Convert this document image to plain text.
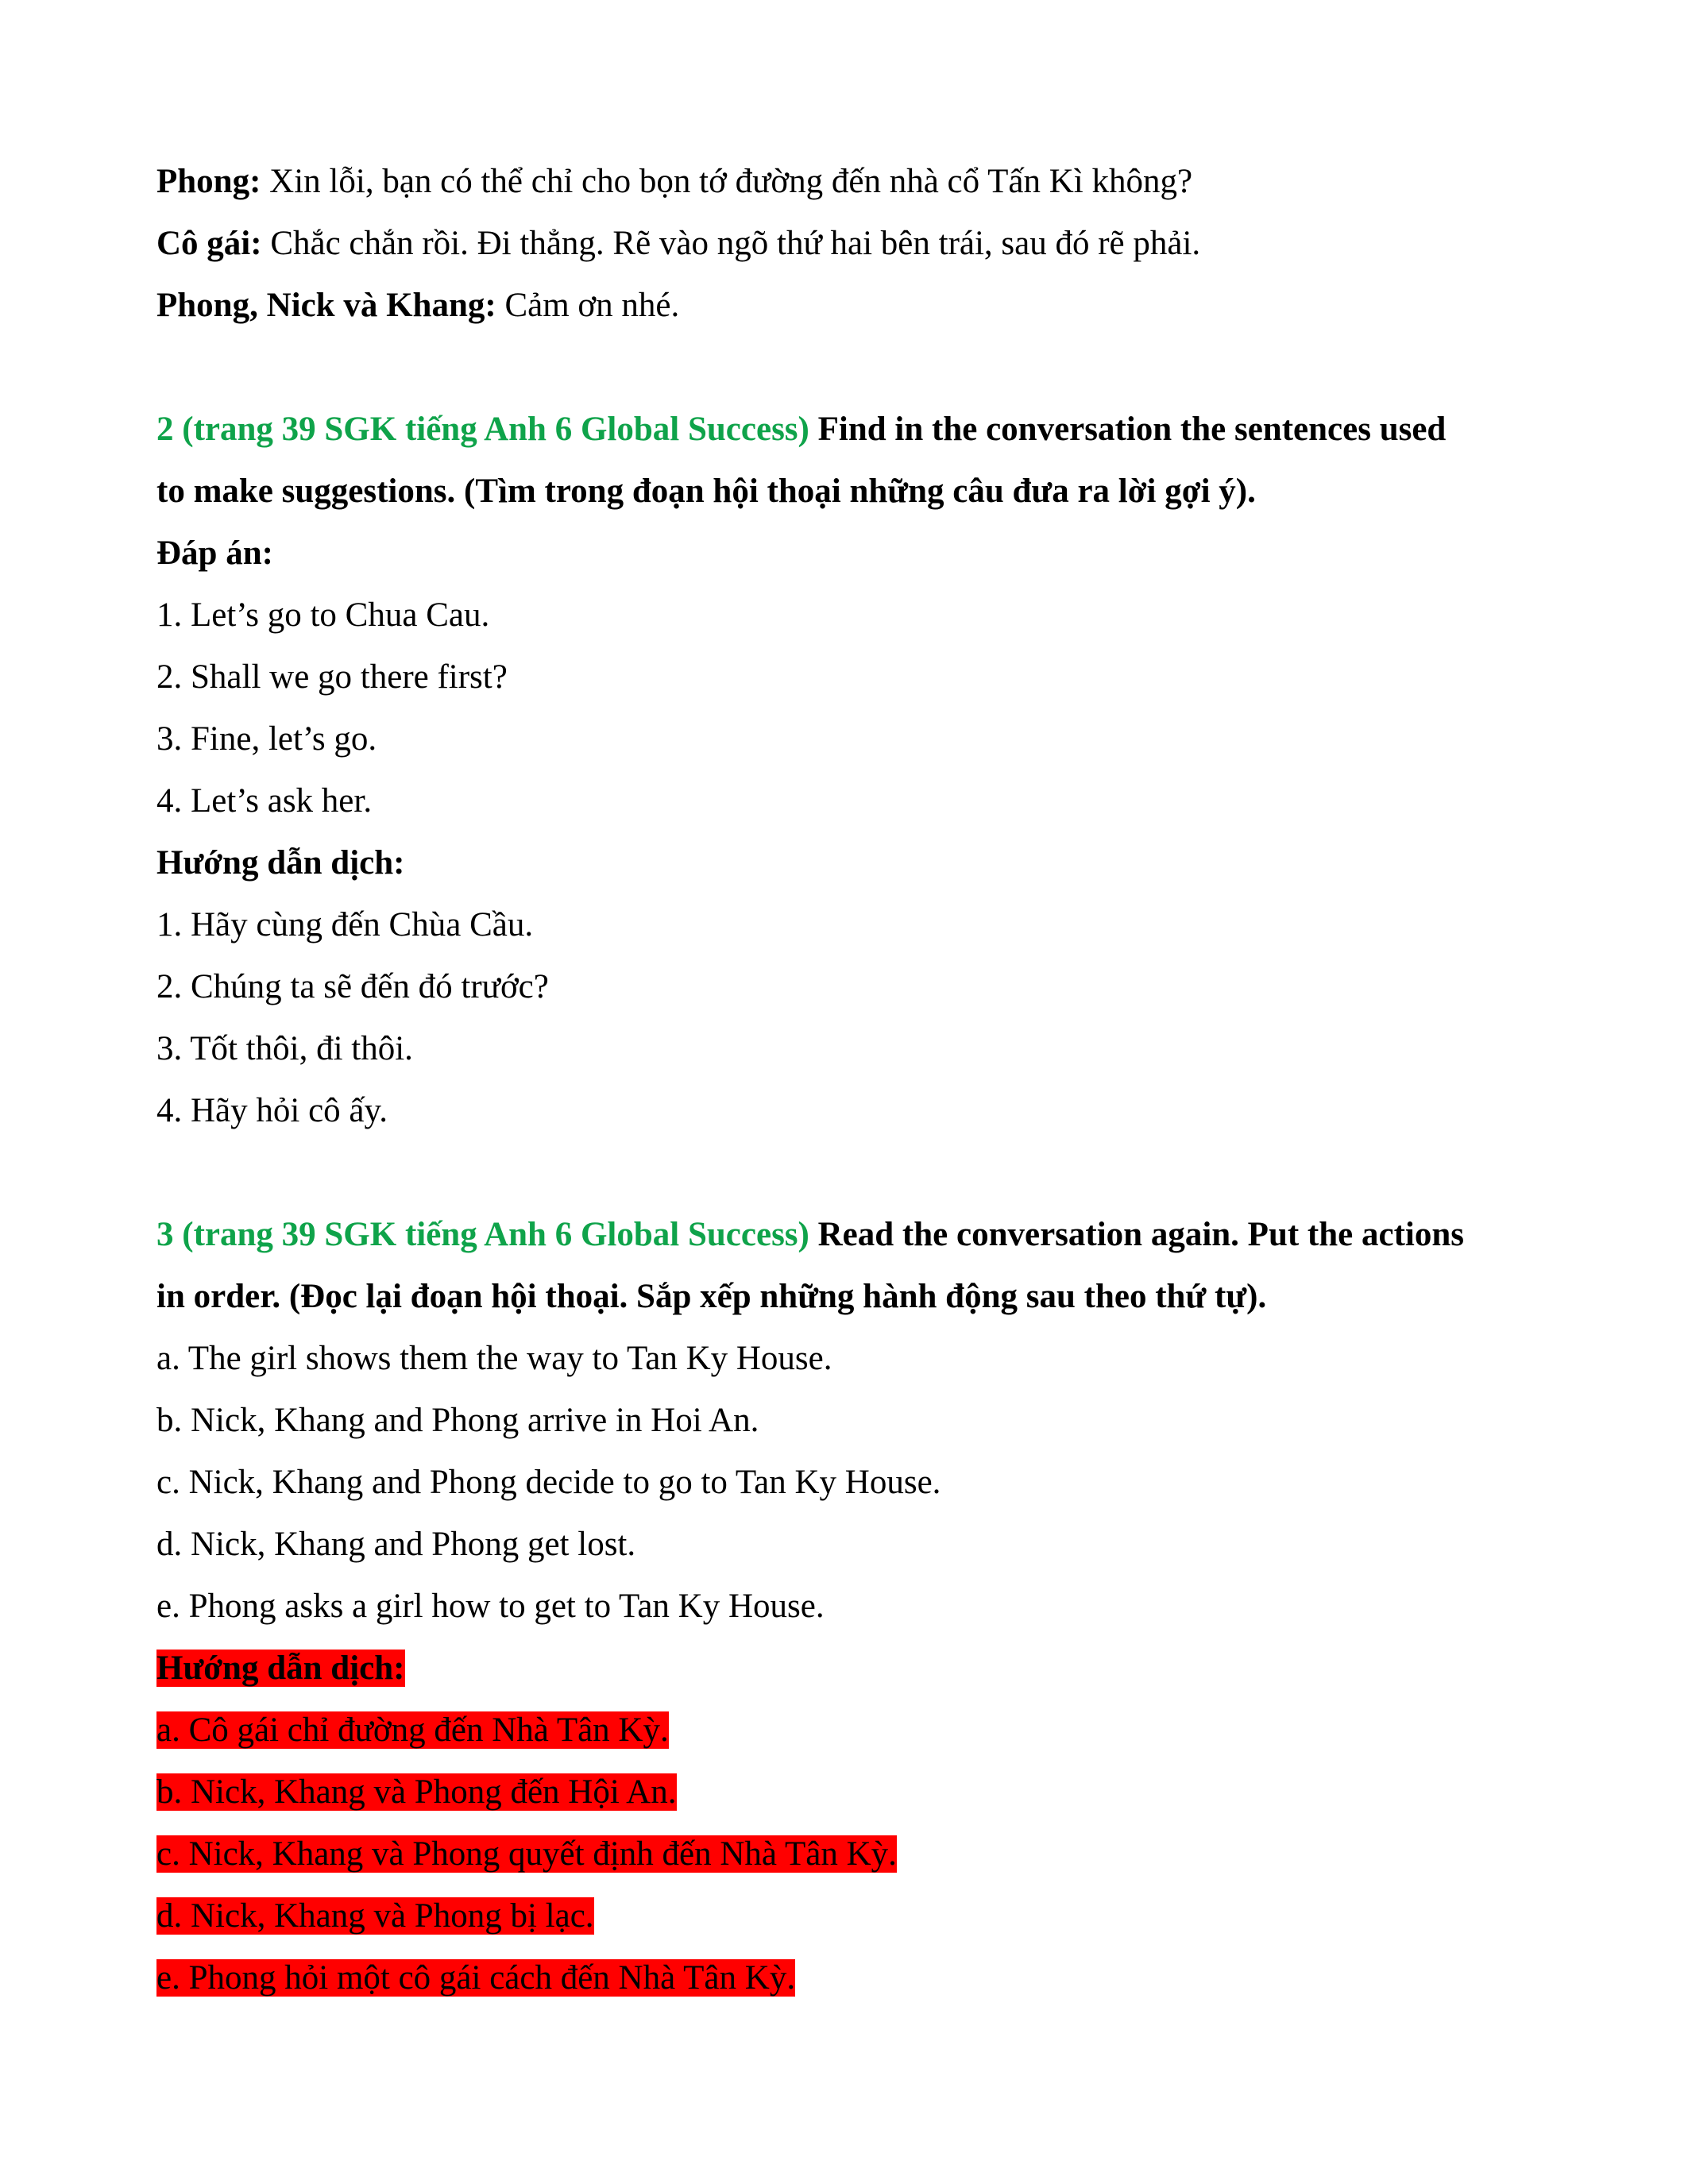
Phong: Xin lỗi, bạn có thể chỉ cho bọn tớ đường đến nhà cổ Tấn Kì không?
Cô gái: Chắc chắn rồi. Đi thẳng. Rẽ vào ngõ thứ hai bên trái, sau đó rẽ phải.
Phong, Nick và Khang: Cảm ơn nhé.
2 (trang 39 SGK tiếng Anh 6 Global Success) Find in the conversation the sentences used
to make suggestions. (Tìm trong đoạn hội thoại những câu đưa ra lời gợi ý).
Đáp án:
1. Let’s go to Chua Cau.
2. Shall we go there first?
3. Fine, let’s go.
4. Let’s ask her.
Hướng dẫn dịch:
1. Hãy cùng đến Chùa Cầu.
2. Chúng ta sẽ đến đó trước?
3. Tốt thôi, đi thôi.
4. Hãy hỏi cô ấy.
3 (trang 39 SGK tiếng Anh 6 Global Success) Read the conversation again. Put the actions
in order. (Đọc lại đoạn hội thoại. Sắp xếp những hành động sau theo thứ tự).
a. The girl shows them the way to Tan Ky House.
b. Nick, Khang and Phong arrive in Hoi An.
c. Nick, Khang and Phong decide to go to Tan Ky House.
d. Nick, Khang and Phong get lost.
e. Phong asks a girl how to get to Tan Ky House.
Hướng dẫn dịch:
a. Cô gái chỉ đường đến Nhà Tân Kỳ.
b. Nick, Khang và Phong đến Hội An.
c. Nick, Khang và Phong quyết định đến Nhà Tân Kỳ.
d. Nick, Khang và Phong bị lạc.
e. Phong hỏi một cô gái cách đến Nhà Tân Kỳ.
